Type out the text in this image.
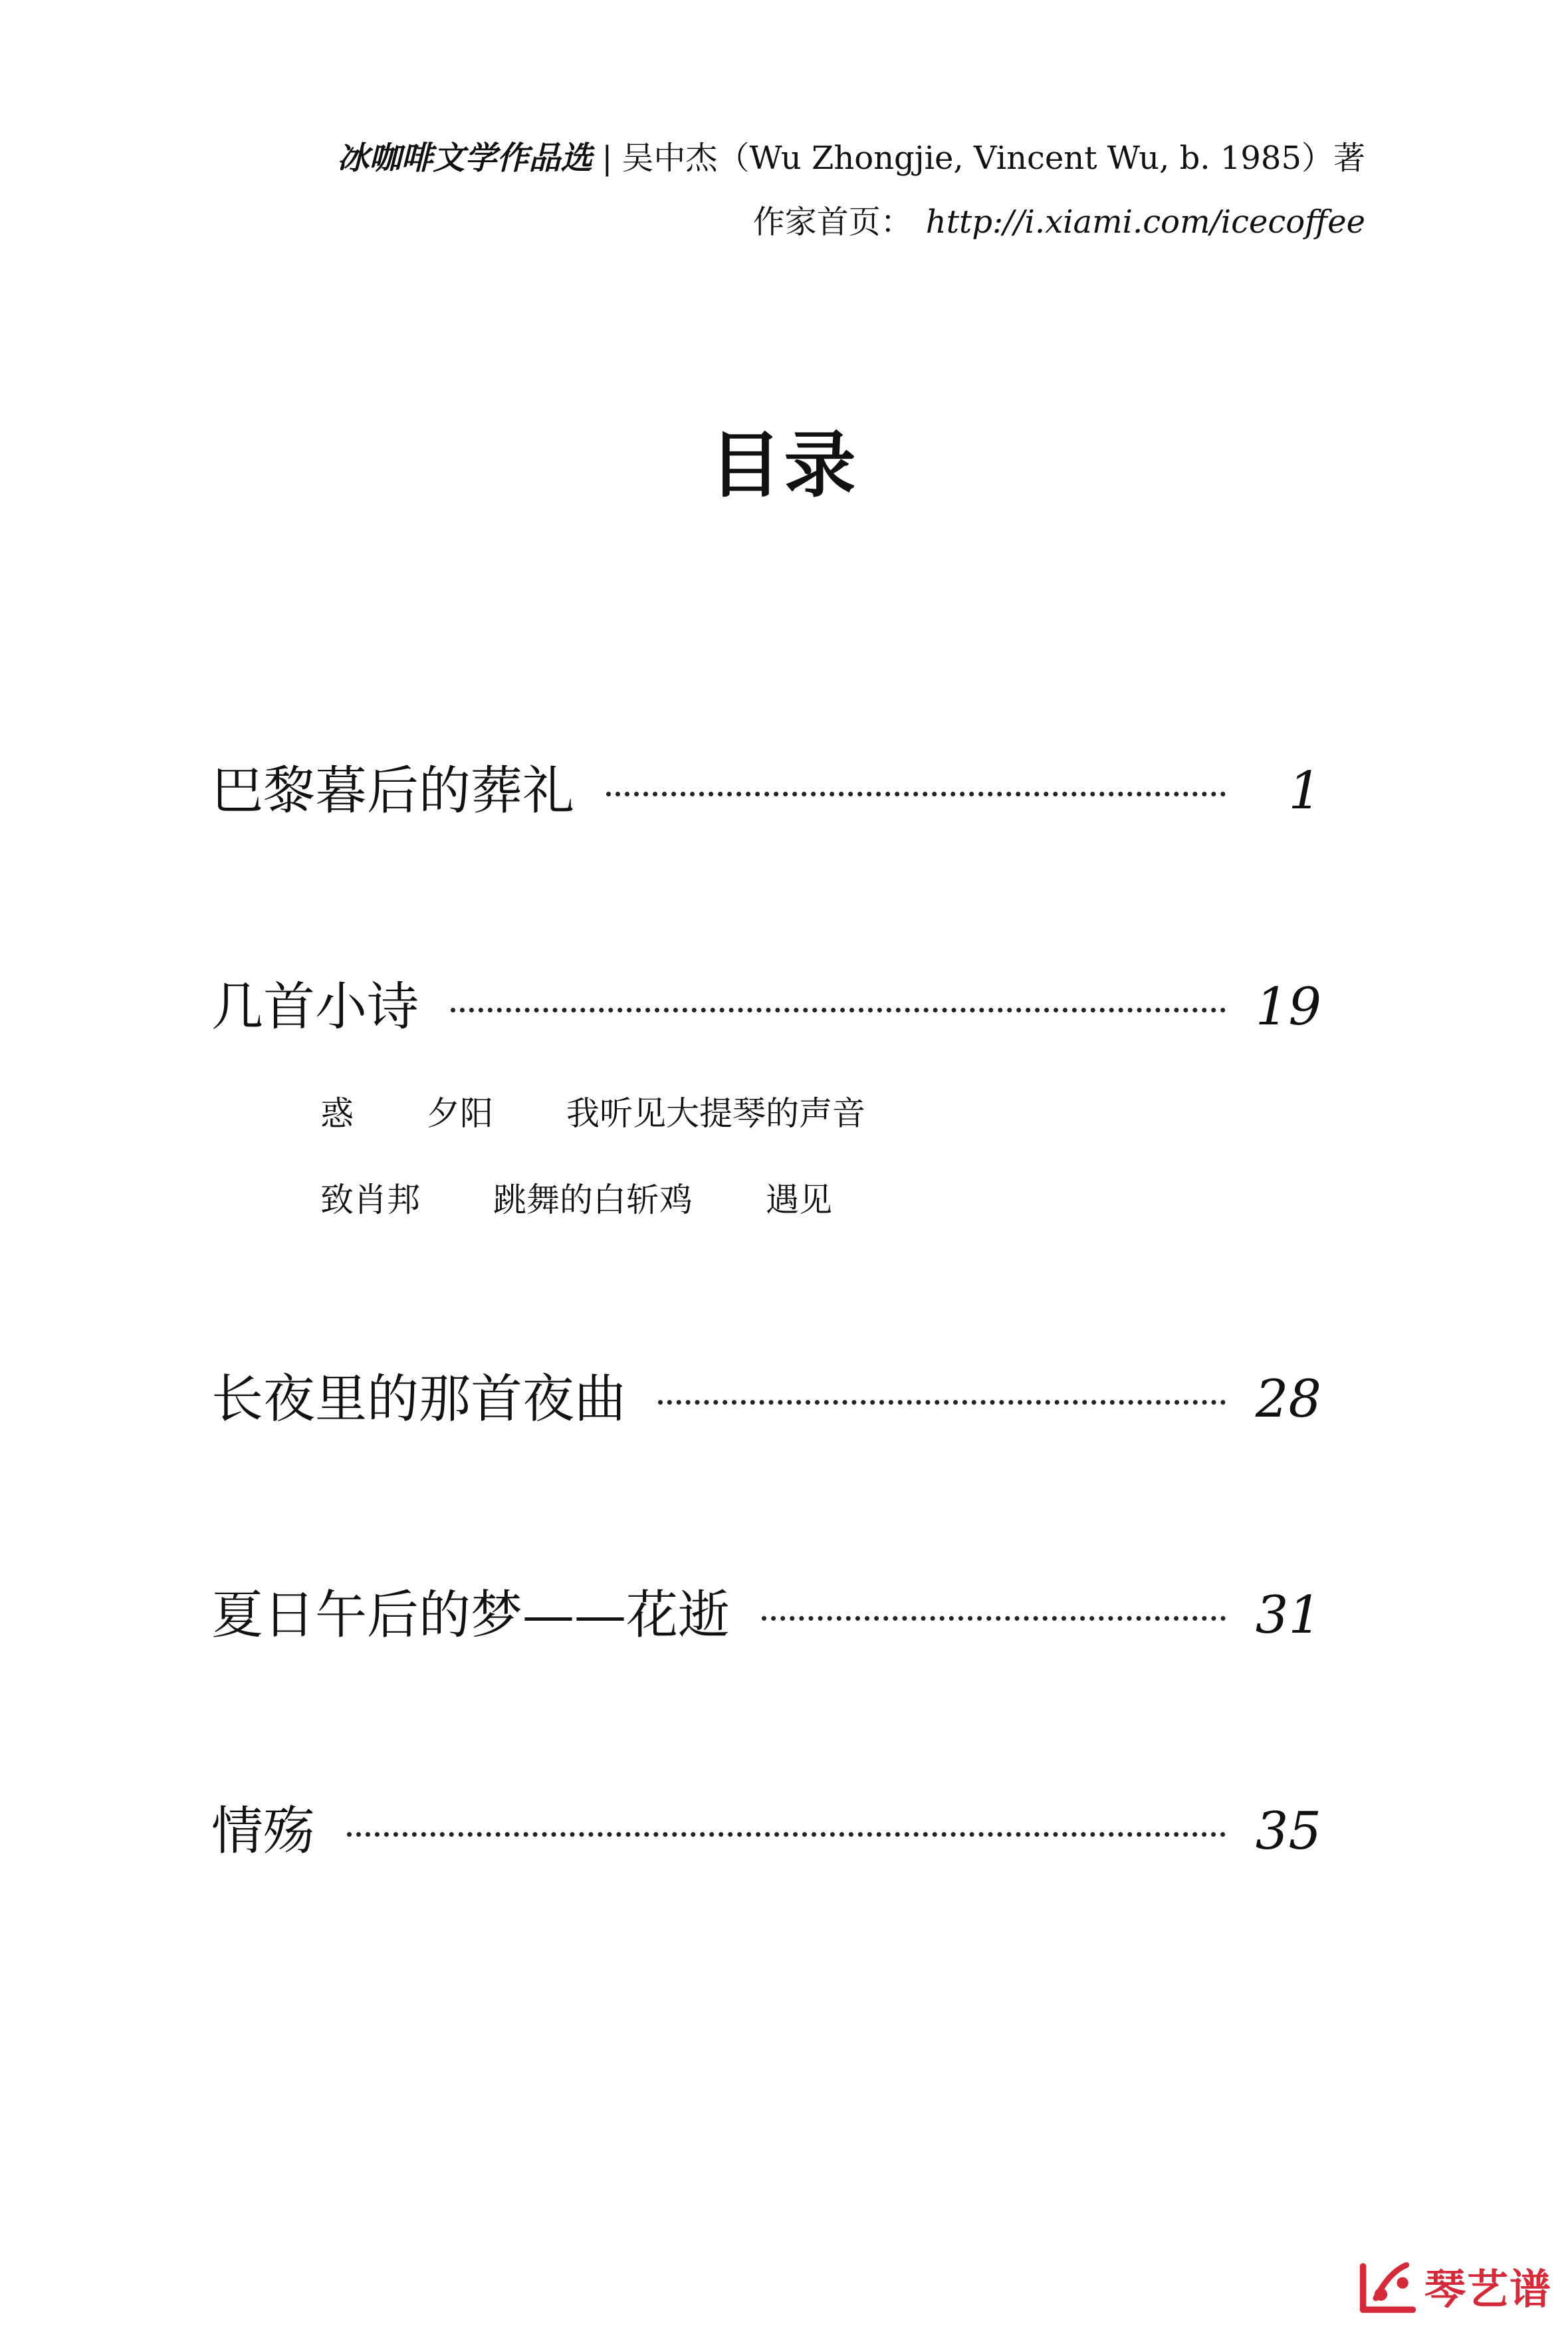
冰咖啡文学作品选 | 吴中杰（Wu Zhongjie, Vincent Wu, b. 1985）著
作家首页： http://i.xiami.com/icecoffee
目录
巴黎暮后的葬礼	1
几首小诗	19
惑 夕阳 我听见大提琴的声音
致肖邦 跳舞的白斩鸡 遇见
长夜里的那首夜曲	28
夏日午后的梦——花逝	31
情殇	35
琴艺谱
